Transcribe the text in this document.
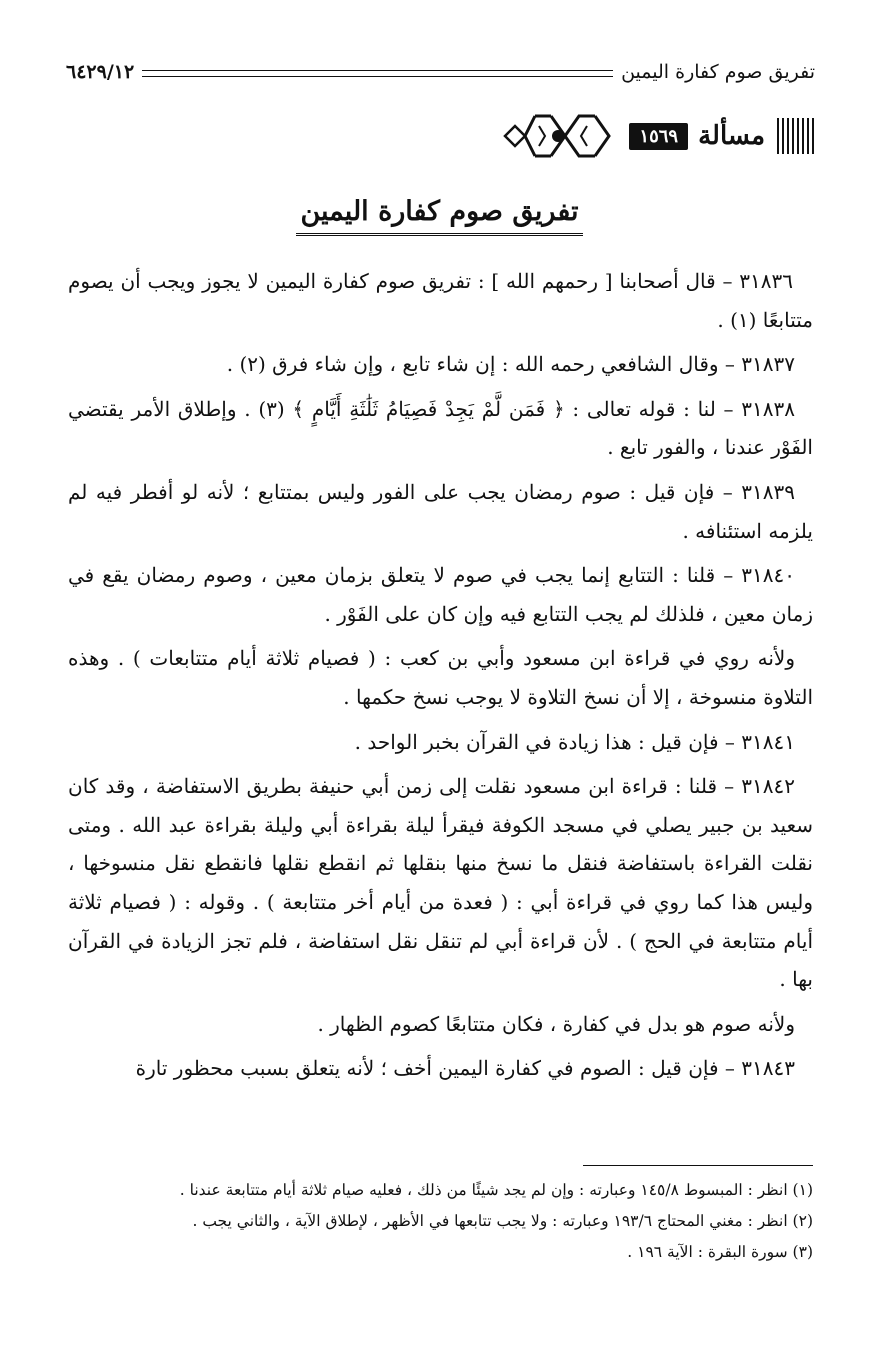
تفريق صوم كفارة اليمين
٦٤٢٩/١٢
مسألة
١٥٦٩
تفريق صوم كفارة اليمين

٣١٨٣٦ – قال أصحابنا [ رحمهم الله ] : تفريق صوم كفارة اليمين لا يجوز ويجب أن يصوم متتابعًا (١) .

٣١٨٣٧ – وقال الشافعي رحمه الله : إن شاء تابع ، وإن شاء فرق (٢) .

٣١٨٣٨ – لنا : قوله تعالى : ﴿ فَمَن لَّمْ يَجِدْ فَصِيَامُ ثَلَٰثَةِ أَيَّامٍ ﴾ (٣) . وإطلاق الأمر يقتضي الفَوْر عندنا ، والفور تابع .

٣١٨٣٩ – فإن قيل : صوم رمضان يجب على الفور وليس بمتتابع ؛ لأنه لو أفطر فيه لم يلزمه استئنافه .

٣١٨٤٠ – قلنا : التتابع إنما يجب في صوم لا يتعلق بزمان معين ، وصوم رمضان يقع في زمان معين ، فلذلك لم يجب التتابع فيه وإن كان على الفَوْر .

ولأنه روي في قراءة ابن مسعود وأبي بن كعب : ( فصيام ثلاثة أيام متتابعات ) . وهذه التلاوة منسوخة ، إلا أن نسخ التلاوة لا يوجب نسخ حكمها .

٣١٨٤١ – فإن قيل : هذا زيادة في القرآن بخبر الواحد .

٣١٨٤٢ – قلنا : قراءة ابن مسعود نقلت إلى زمن أبي حنيفة بطريق الاستفاضة ، وقد كان سعيد بن جبير يصلي في مسجد الكوفة فيقرأ ليلة بقراءة أبي وليلة بقراءة عبد الله . ومتى نقلت القراءة باستفاضة فنقل ما نسخ منها بنقلها ثم انقطع نقلها فانقطع نقل منسوخها ، وليس هذا كما روي في قراءة أبي : ( فعدة من أيام أخر متتابعة ) . وقوله : ( فصيام ثلاثة أيام متتابعة في الحج ) . لأن قراءة أبي لم تنقل نقل استفاضة ، فلم تجز الزيادة في القرآن بها .

ولأنه صوم هو بدل في كفارة ، فكان متتابعًا كصوم الظهار .

٣١٨٤٣ – فإن قيل : الصوم في كفارة اليمين أخف ؛ لأنه يتعلق بسبب محظور تارة

(١) انظر : المبسوط ١٤٥/٨ وعبارته : وإن لم يجد شيئًا من ذلك ، فعليه صيام ثلاثة أيام متتابعة عندنا .
(٢) انظر : مغني المحتاج ١٩٣/٦ وعبارته : ولا يجب تتابعها في الأظهر ، لإطلاق الآية ، والثاني يجب .
(٣) سورة البقرة : الآية ١٩٦ .
